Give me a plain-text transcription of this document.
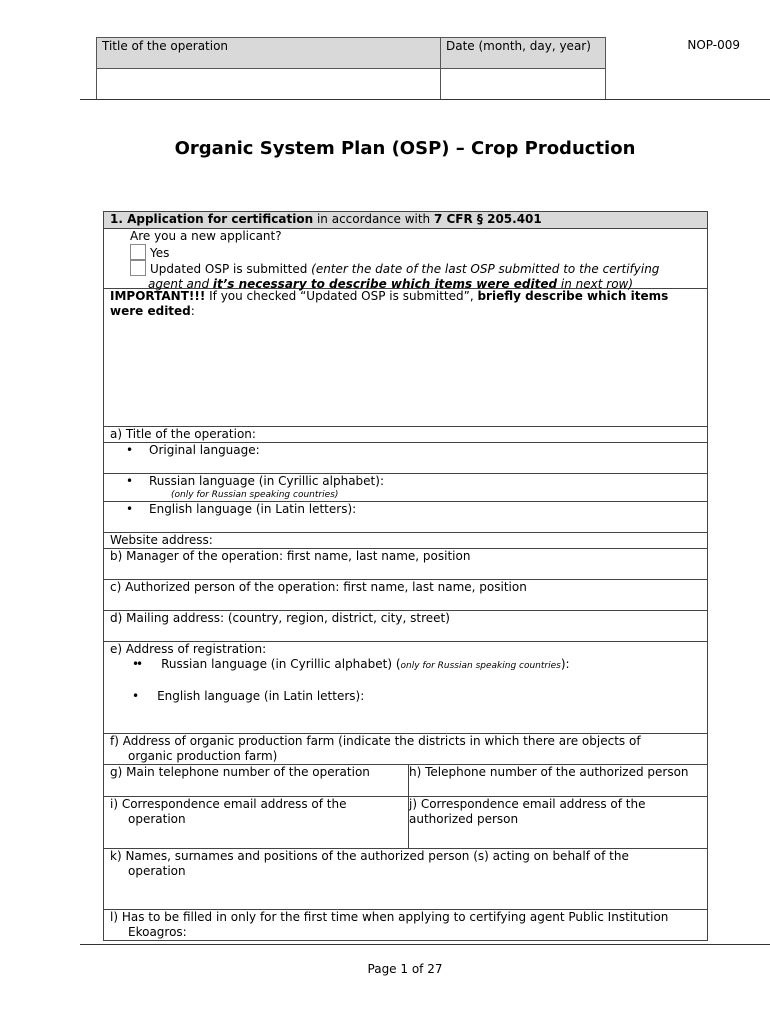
Title of the operation	Date (month, day, year)
		NOP-009
Organic System Plan (OSP) – Crop Production
1. Application for certification in accordance with 7 CFR § 205.401
Are you a new applicant?
Yes
Updated OSP is submitted (enter the date of the last OSP submitted to the certifying
agent and it’s necessary to describe which items were edited in next row)
IMPORTANT!!! If you checked “Updated OSP is submitted”, briefly describe which items were edited:
a) Title of the operation:
• Original language:
• Russian language (in Cyrillic alphabet):
(only for Russian speaking countries)
• English language (in Latin letters):
Website address:
b) Manager of the operation: first name, last name, position
c) Authorized person of the operation: first name, last name, position
d) Mailing address: (country, region, district, city, street)
e) Address of registration:
• • Russian language (in Cyrillic alphabet) (only for Russian speaking countries):
• English language (in Latin letters):
f) Address of organic production farm (indicate the districts in which there are objects of
organic production farm)
g) Main telephone number of the operation	h) Telephone number of the authorized person
i) Correspondence email address of the
operation
j) Correspondence email address of the
authorized person
k) Names, surnames and positions of the authorized person (s) acting on behalf of the
operation
l) Has to be filled in only for the first time when applying to certifying agent Public Institution
Ekoagros:
Page 1 of 27
